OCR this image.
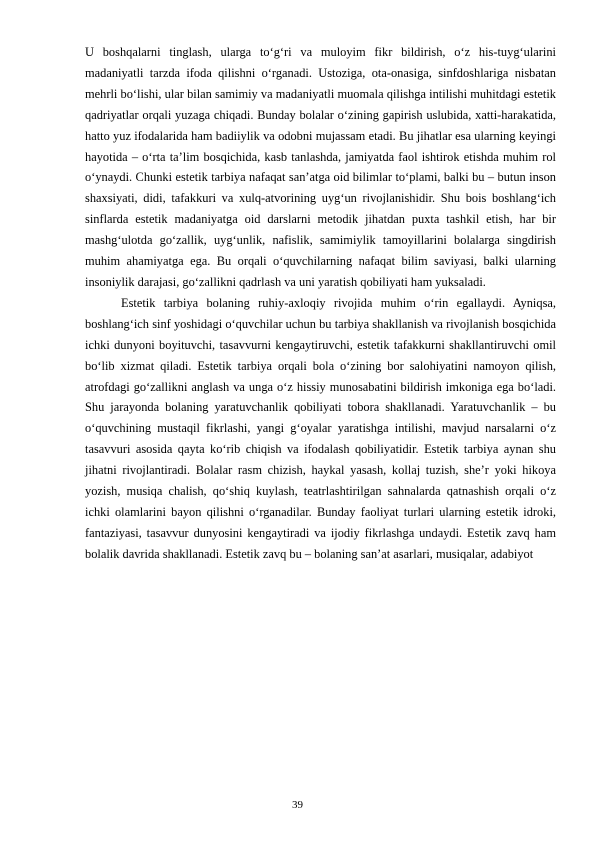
U boshqalarni tinglash, ularga to‘g‘ri va muloyim fikr bildirish, o‘z his-tuyg‘ularini madaniyatli tarzda ifoda qilishni o‘rganadi. Ustoziga, ota-onasiga, sinfdoshlariga nisbatan mehrli bo‘lishi, ular bilan samimiy va madaniyatli muomala qilishga intilishi muhitdagi estetik qadriyatlar orqali yuzaga chiqadi. Bunday bolalar o‘zining gapirish uslubida, xatti-harakatida, hatto yuz ifodalarida ham badiiylik va odobni mujassam etadi. Bu jihatlar esa ularning keyingi hayotida – o‘rta ta’lim bosqichida, kasb tanlashda, jamiyatda faol ishtirok etishda muhim rol o‘ynaydi. Chunki estetik tarbiya nafaqat san’atga oid bilimlar to‘plami, balki bu – butun inson shaxsiyati, didi, tafakkuri va xulq-atvorining uyg‘un rivojlanishidir. Shu bois boshlang‘ich sinflarda estetik madaniyatga oid darslarni metodik jihatdan puxta tashkil etish, har bir mashg‘ulotda go‘zallik, uyg‘unlik, nafislik, samimiylik tamoyillarini bolalarga singdirish muhim ahamiyatga ega. Bu orqali o‘quvchilarning nafaqat bilim saviyasi, balki ularning insoniylik darajasi, go‘zallikni qadrlash va uni yaratish qobiliyati ham yuksaladi.

Estetik tarbiya bolaning ruhiy-axloqiy rivojida muhim o‘rin egallaydi. Ayniqsa, boshlang‘ich sinf yoshidagi o‘quvchilar uchun bu tarbiya shakllanish va rivojlanish bosqichida ichki dunyoni boyituvchi, tasavvurni kengaytiruvchi, estetik tafakkurni shakllantiruvchi omil bo‘lib xizmat qiladi. Estetik tarbiya orqali bola o‘zining bor salohiyatini namoyon qilish, atrofdagi go‘zallikni anglash va unga o‘z hissiy munosabatini bildirish imkoniga ega bo‘ladi. Shu jarayonda bolaning yaratuvchanlik qobiliyati tobora shakllanadi. Yaratuvchanlik – bu o‘quvchining mustaqil fikrlashi, yangi g‘oyalar yaratishga intilishi, mavjud narsalarni o‘z tasavvuri asosida qayta ko‘rib chiqish va ifodalash qobiliyatidir. Estetik tarbiya aynan shu jihatni rivojlantiradi. Bolalar rasm chizish, haykal yasash, kollaj tuzish, she’r yoki hikoya yozish, musiqa chalish, qo‘shiq kuylash, teatrlashtirilgan sahnalarda qatnashish orqali o‘z ichki olamlarini bayon qilishni o‘rganadilar. Bunday faoliyat turlari ularning estetik idroki, fantaziyasi, tasavvur dunyosini kengaytiradi va ijodiy fikrlashga undaydi. Estetik zavq ham bolalik davrida shakllanadi. Estetik zavq bu – bolaning san’at asarlari, musiqalar, adabiyot

39
